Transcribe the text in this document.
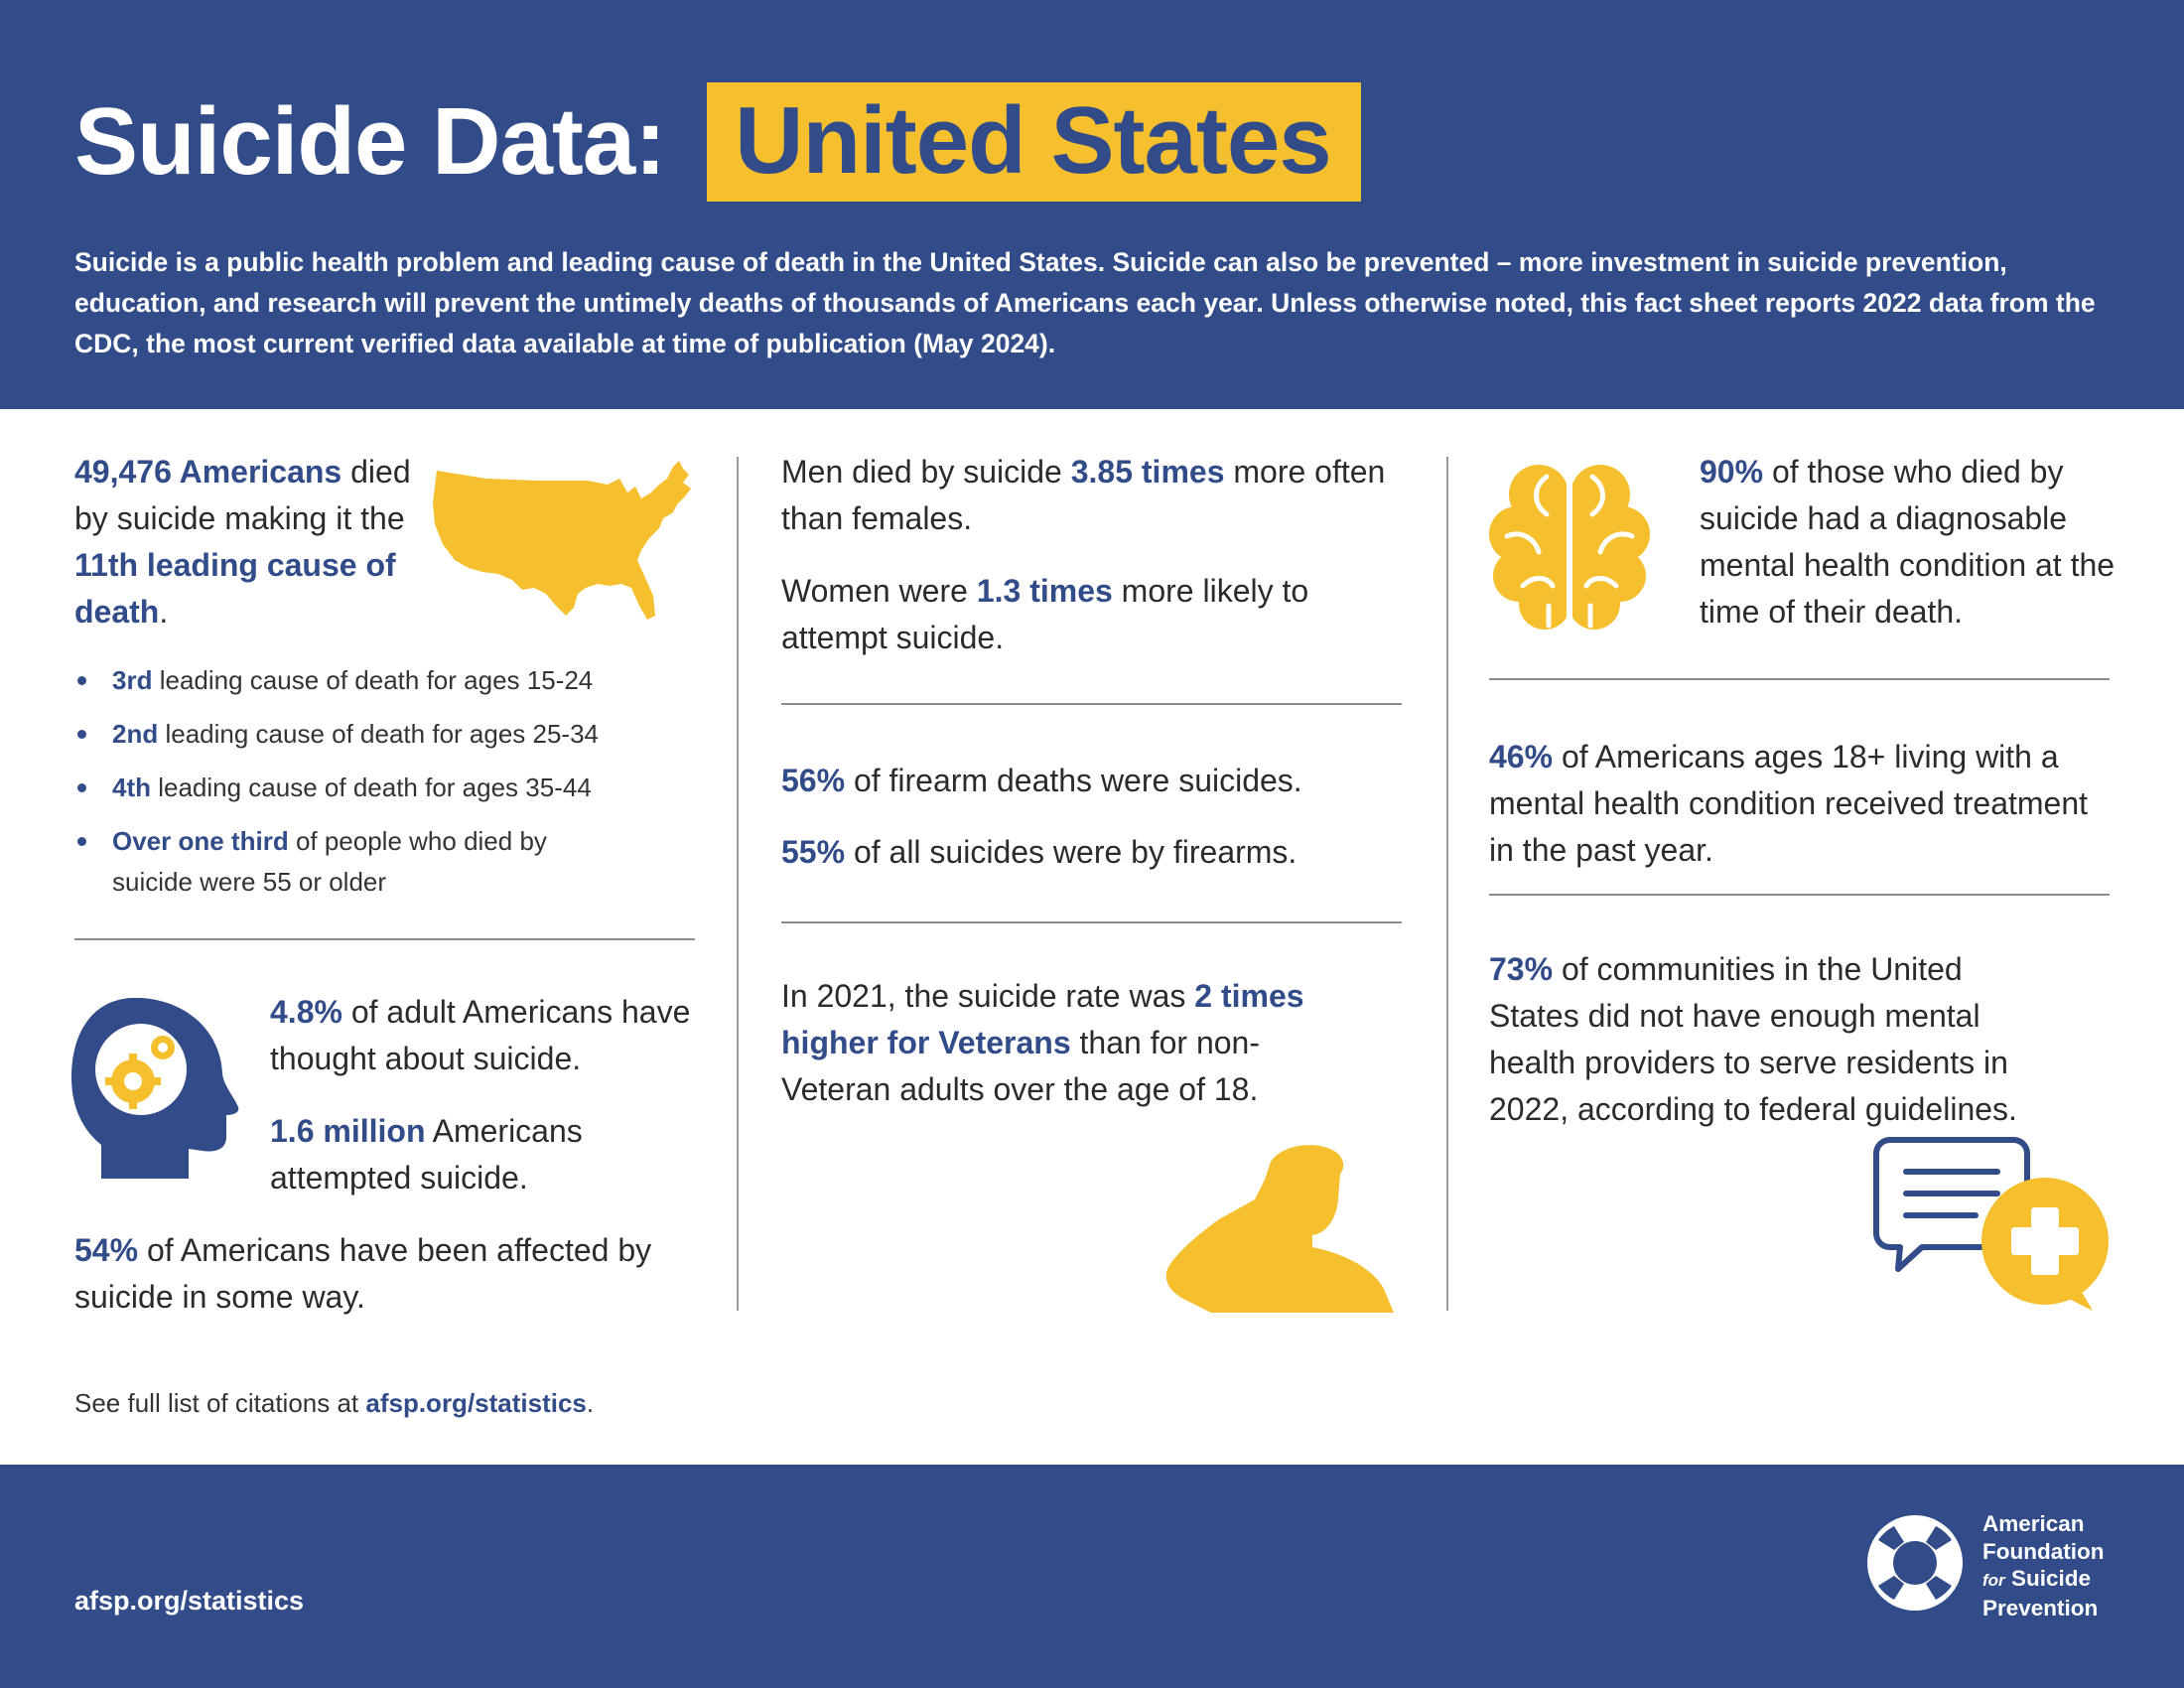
Suicide Data: United States

Suicide is a public health problem and leading cause of death in the United States. Suicide can also be prevented – more investment in suicide prevention, education, and research will prevent the untimely deaths of thousands of Americans each year. Unless otherwise noted, this fact sheet reports 2022 data from the CDC, the most current verified data available at time of publication (May 2024).

49,476 Americans died by suicide making it the 11th leading cause of death.
3rd leading cause of death for ages 15-24
2nd leading cause of death for ages 25-34
4th leading cause of death for ages 35-44
Over one third of people who died by suicide were 55 or older
4.8% of adult Americans have thought about suicide.
1.6 million Americans attempted suicide.
54% of Americans have been affected by suicide in some way.
Men died by suicide 3.85 times more often than females.
Women were 1.3 times more likely to attempt suicide.
56% of firearm deaths were suicides.
55% of all suicides were by firearms.
In 2021, the suicide rate was 2 times higher for Veterans than for non-Veteran adults over the age of 18.
90% of those who died by suicide had a diagnosable mental health condition at the time of their death.
46% of Americans ages 18+ living with a mental health condition received treatment in the past year.
73% of communities in the United States did not have enough mental health providers to serve residents in 2022, according to federal guidelines.
See full list of citations at afsp.org/statistics.
afsp.org/statistics
American
Foundation
for Suicide
Prevention
